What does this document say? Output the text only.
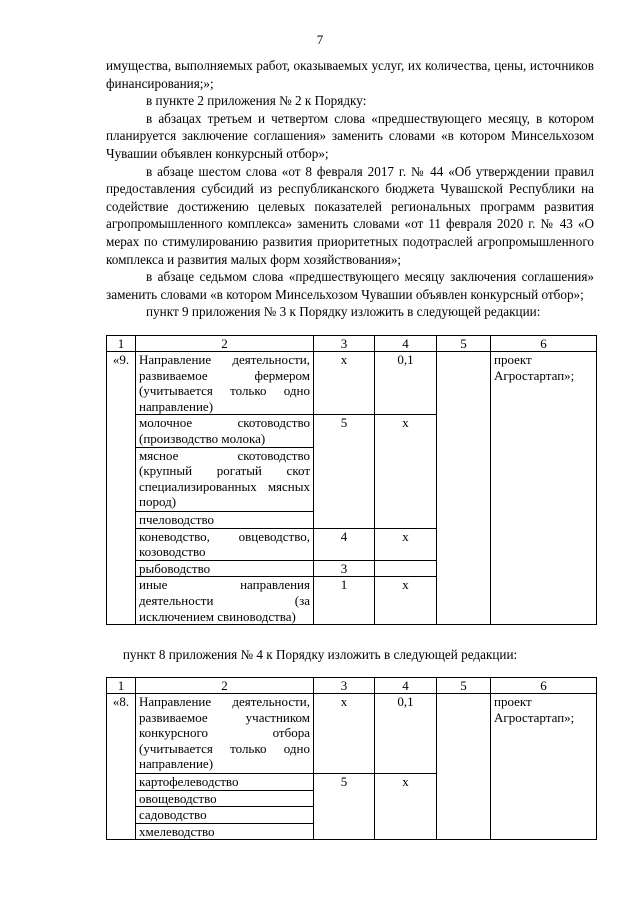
7

имущества, выполняемых работ, оказываемых услуг, их количества, цены, источников финансирования;»;

в пункте 2 приложения № 2 к Порядку:

в абзацах третьем и четвертом слова «предшествующего месяцу, в котором планируется заключение соглашения» заменить словами «в котором Минсельхозом Чувашии объявлен конкурсный отбор»;

в абзаце шестом слова «от 8 февраля 2017 г. № 44 «Об утверждении правил предоставления субсидий из республиканского бюджета Чувашской Республики на содействие достижению целевых показателей региональных программ развития агропромышленного комплекса» заменить словами «от 11 февраля 2020 г. № 43 «О мерах по стимулированию развития приоритетных подотраслей агропромышленного комплекса и развития малых форм хозяйствования»;

в абзаце седьмом слова «предшествующего месяцу заключения соглашения» заменить словами «в котором Минсельхозом Чувашии объявлен конкурсный отбор»;

пункт 9 приложения № 3 к Порядку изложить в следующей редакции:

1	2	3	4	5	6
«9.	Направление деятельности, развиваемое фермером (учитывается только одно направление)	х	0,1		проект Агростартап»;
	молочное скотоводство (производство молока)	5	х		
	мясное скотоводство (крупный рогатый скот специализированных мясных пород)				
	пчеловодство				
	коневодство, овцеводство, козоводство	4	х		
	рыбоводство	3			
	иные направления деятельности (за исключением свиноводства)	1	х		
пункт 8 приложения № 4 к Порядку изложить в следующей редакции:
1	2	3	4	5	6
«8.	Направление деятельности, развиваемое участником конкурсного отбора (учитывается только одно направление)	х	0,1		проект Агростартап»;
	картофелеводство	5	х		
	овощеводство				
	садоводство				
	хмелеводство				
